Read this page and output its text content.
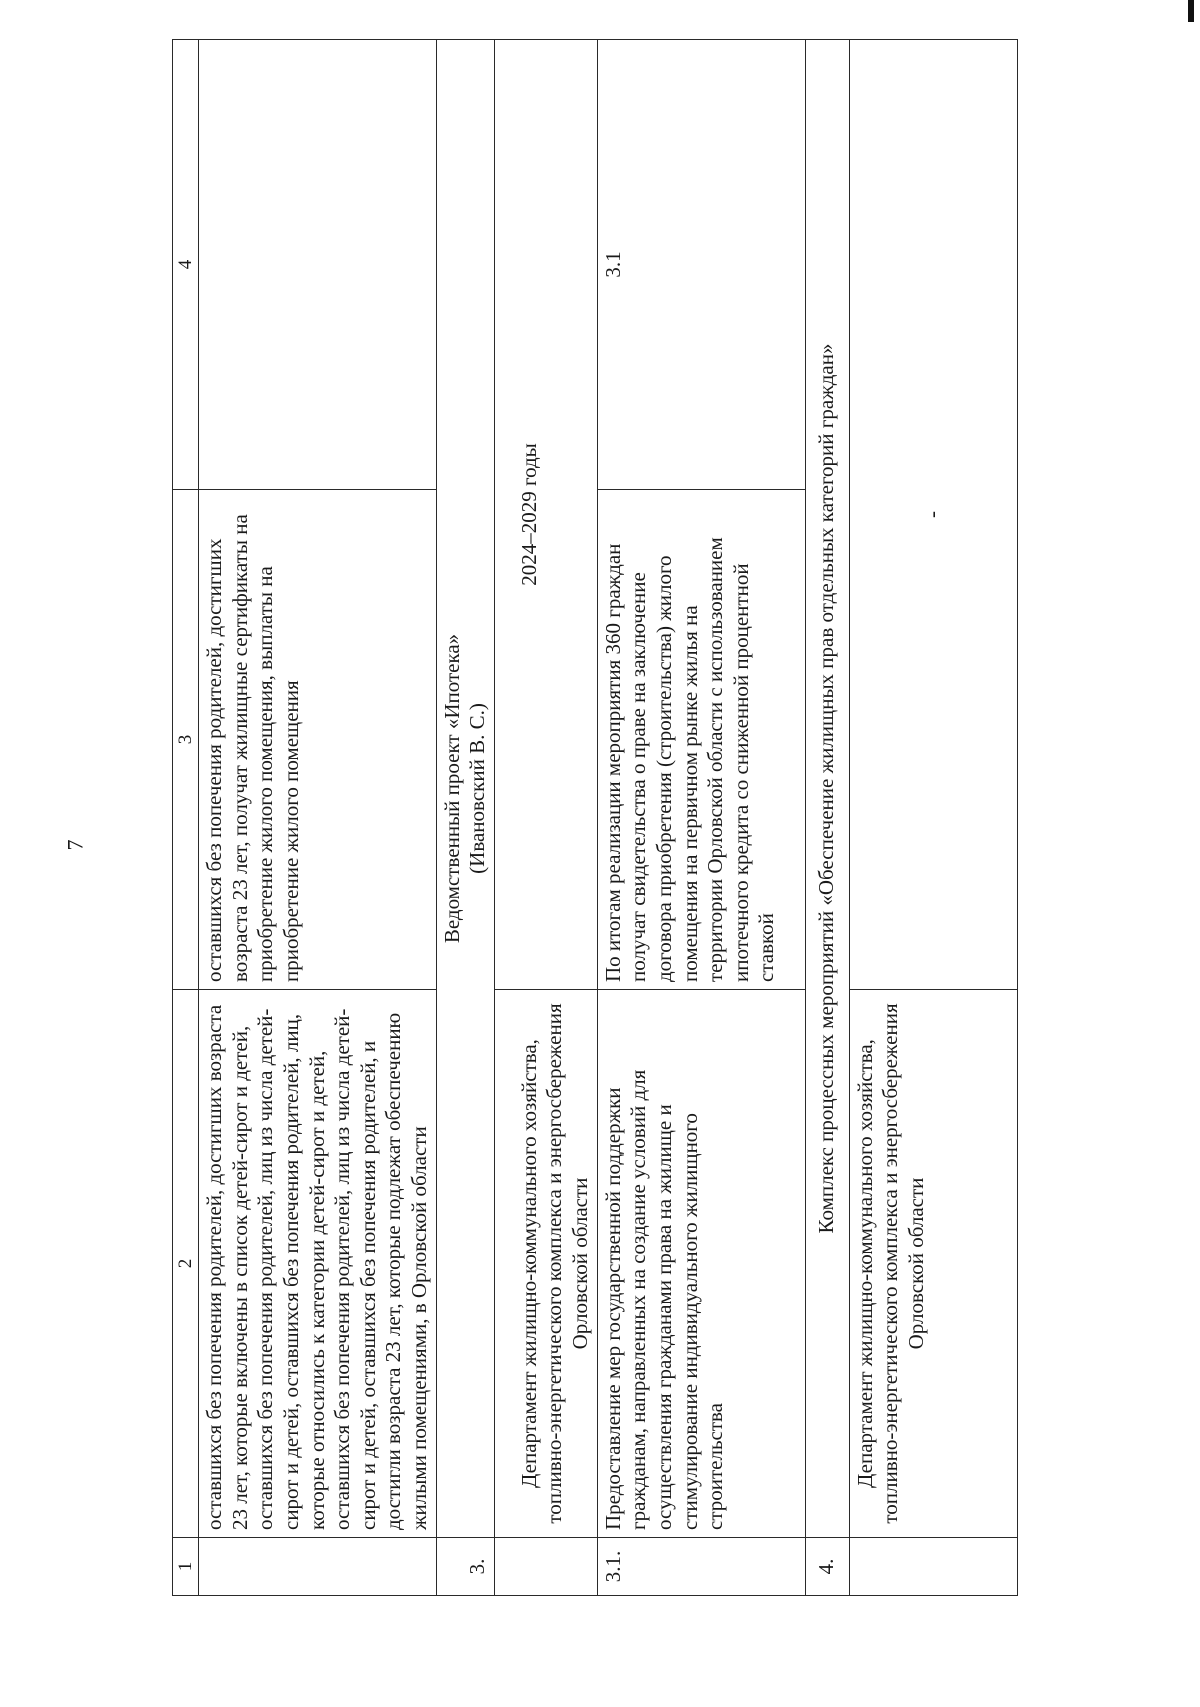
7
1	2	3	4
	оставшихся без попечения родителей, достигших возраста 23 лет, которые включены в список детей-сирот и детей, оставшихся без попечения родителей, лиц из числа детей-сирот и детей, оставшихся без попечения родителей, лиц, которые относились к категории детей-сирот и детей, оставшихся без попечения родителей, лиц из числа детей-сирот и детей, оставшихся без попечения родителей, и достигли возраста 23 лет, которые подлежат обеспечению жилыми помещениями, в Орловской области	оставшихся без попечения родителей, достигших возраста 23 лет, получат жилищные сертификаты на приобретение жилого помещения, выплаты на приобретение жилого помещения	
3.	Ведомственный проект «Ипотека» (Ивановский В. С.)		

	Департамент жилищно-коммунального хозяйства, топливно-энергетического комплекса и энергосбережения Орловской области	2024–2029 годы	
3.1.	Предоставление мер государственной поддержки гражданам, направленных на создание условий для осуществления гражданами права на жилище и стимулирование индивидуального жилищного строительства	По итогам реализации мероприятия 360 граждан получат свидетельства о праве на заключение договора приобретения (строительства) жилого помещения на первичном рынке жилья на территории Орловской области с использованием ипотечного кредита со сниженной процентной ставкой	3.1
4.	Комплекс процессных мероприятий «Обеспечение жилищных прав отдельных категорий граждан»		
	Департамент жилищно-коммунального хозяйства, топливно-энергетического комплекса и энергосбережения Орловской области	-	
